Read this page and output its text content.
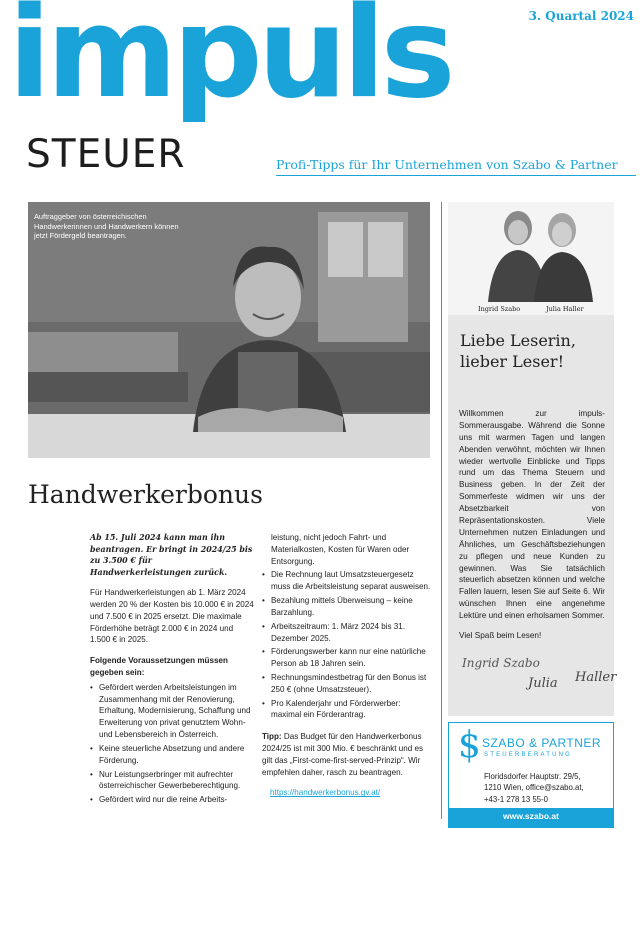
impuls
STEUER
3. Quartal 2024
Profi-Tipps für Ihr Unternehmen von Szabo & Partner
Auftraggeber von österreichischen Handwerkerinnen und Handwerkern können jetzt Fördergeld beantragen.
Handwerkerbonus

Ab 15. Juli 2024 kann man ihn beantragen. Er bringt in 2024/25 bis zu 3.500 € für Handwerkerleistungen zurück.

Für Handwerkerleistungen ab 1. März 2024 werden 20 % der Kosten bis 10.000 € in 2024 und 7.500 € in 2025 ersetzt. Die maximale Förderhöhe beträgt 2.000 € in 2024 und 1.500 € in 2025.

Folgende Voraussetzungen müssen gegeben sein:

• Gefördert werden Arbeitsleistungen im Zusammenhang mit der Renovierung, Erhaltung, Modernisierung, Schaffung und Erweiterung von privat genutztem Wohn- und Lebensbereich in Österreich.
• Keine steuerliche Absetzung und andere Förderung.
• Nur Leistungserbringer mit aufrechter österreichischer Gewerbeberechtigung.
• Gefördert wird nur die reine Arbeits-
leistung, nicht jedoch Fahrt- und Materialkosten, Kosten für Waren oder Entsorgung.
• Die Rechnung laut Umsatzsteuergesetz muss die Arbeitsleistung separat ausweisen.
• Bezahlung mittels Überweisung – keine Barzahlung.
• Arbeitszeitraum: 1. März 2024 bis 31. Dezember 2025.
• Förderungswerber kann nur eine natürliche Person ab 18 Jahren sein.
• Rechnungsmindestbetrag für den Bonus ist 250 € (ohne Umsatzsteuer).
• Pro Kalenderjahr und Förderwerber: maximal ein Förderantrag.

Tipp: Das Budget für den Handwerkerbonus 2024/25 ist mit 300 Mio. € beschränkt und es gilt das „First-come-first-served-Prinzip“. Wir empfehlen daher, rasch zu beantragen.

https://handwerkerbonus.gv.at/

Ingrid Szabo	Julia Haller
Liebe Leserin, lieber Leser!

Willkommen zur impuls-Sommerausgabe. Während die Sonne uns mit warmen Tagen und langen Abenden verwöhnt, möchten wir Ihnen wieder wertvolle Einblicke und Tipps rund um das Thema Steuern und Business geben. In der Zeit der Sommerfeste widmen wir uns der Absetzbarkeit von Repräsentationskosten. Viele Unternehmen nutzen Einladungen und Ähnliches, um Geschäftsbeziehungen zu pflegen und neue Kunden zu gewinnen. Was Sie tatsächlich steuerlich absetzen können und welche Fallen lauern, lesen Sie auf Seite 6. Wir wünschen Ihnen eine angenehme Lektüre und einen erholsamen Sommer.

Viel Spaß beim Lesen!

Ingrid Szabo
Julia Haller
$ SZABO & PARTNER
STEUERBERATUNG
Floridsdorfer Hauptstr. 29/5,
1210 Wien, office@szabo.at,
+43-1 278 13 55-0
www.szabo.at
